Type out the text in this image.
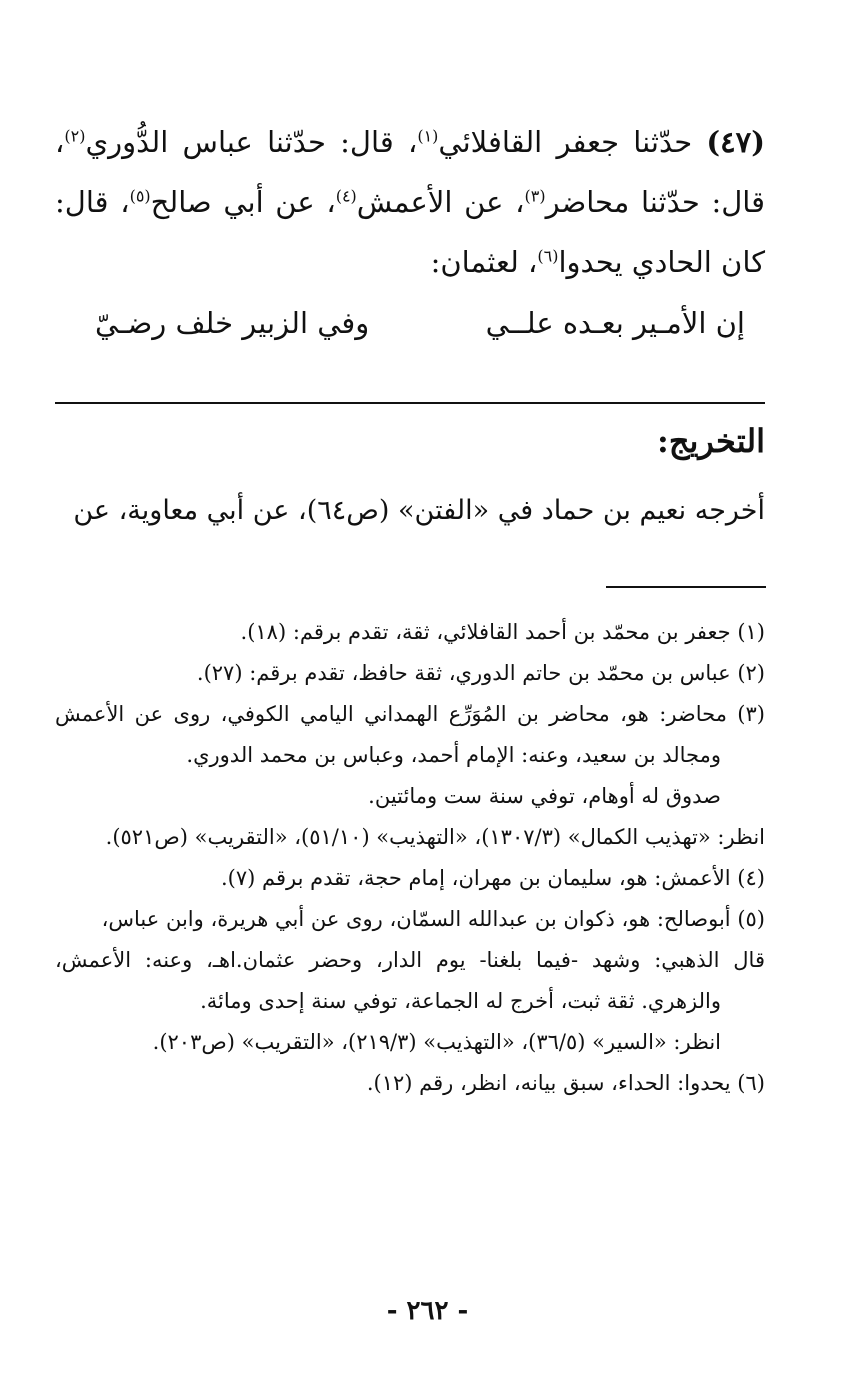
(٤٧) حدّثنا جعفر القافلائي$^{(١)}$، قال: حدّثنا عباس الدُّوري$^{(٢)}$، قال: حدّثنا محاضر$^{(٣)}$، عن الأعمش$^{(٤)}$، عن أبي صالح$^{(٥)}$، قال: كان الحادي يحدوا$^{(٦)}$، لعثمان:
إن الأمـير بعـده علــي
وفي الزبير خلف رضـيّ
التخريج:
أخرجه نعيم بن حماد في «الفتن» (ص٦٤)، عن أبي معاوية، عن

(١) جعفر بن محمّد بن أحمد القافلائي، ثقة، تقدم برقم: (١٨).

(٢) عباس بن محمّد بن حاتم الدوري، ثقة حافظ، تقدم برقم: (٢٧).

(٣) محاضر: هو، محاضر بن المُوَرِّع الهمداني اليامي الكوفي، روى عن الأعمش ومجالد بن سعيد، وعنه: الإمام أحمد، وعباس بن محمد الدوري.

صدوق له أوهام، توفي سنة ست ومائتين.

انظر: «تهذيب الكمال» (١٣٠٧/٣)، «التهذيب» (٥١/١٠)، «التقريب» (ص٥٢١).

(٤) الأعمش: هو، سليمان بن مهران، إمام حجة، تقدم برقم (٧).

(٥) أبوصالح: هو، ذكوان بن عبدالله السمّان، روى عن أبي هريرة، وابن عباس،

قال الذهبي: وشهد -فيما بلغنا- يوم الدار، وحضر عثمان.اهـ، وعنه: الأعمش، والزهري. ثقة ثبت، أخرج له الجماعة، توفي سنة إحدى ومائة.

انظر: «السير» (٣٦/٥)، «التهذيب» (٢١٩/٣)، «التقريب» (ص٢٠٣).

(٦) يحدوا: الحداء، سبق بيانه، انظر، رقم (١٢).

- ٢٦٢ -
